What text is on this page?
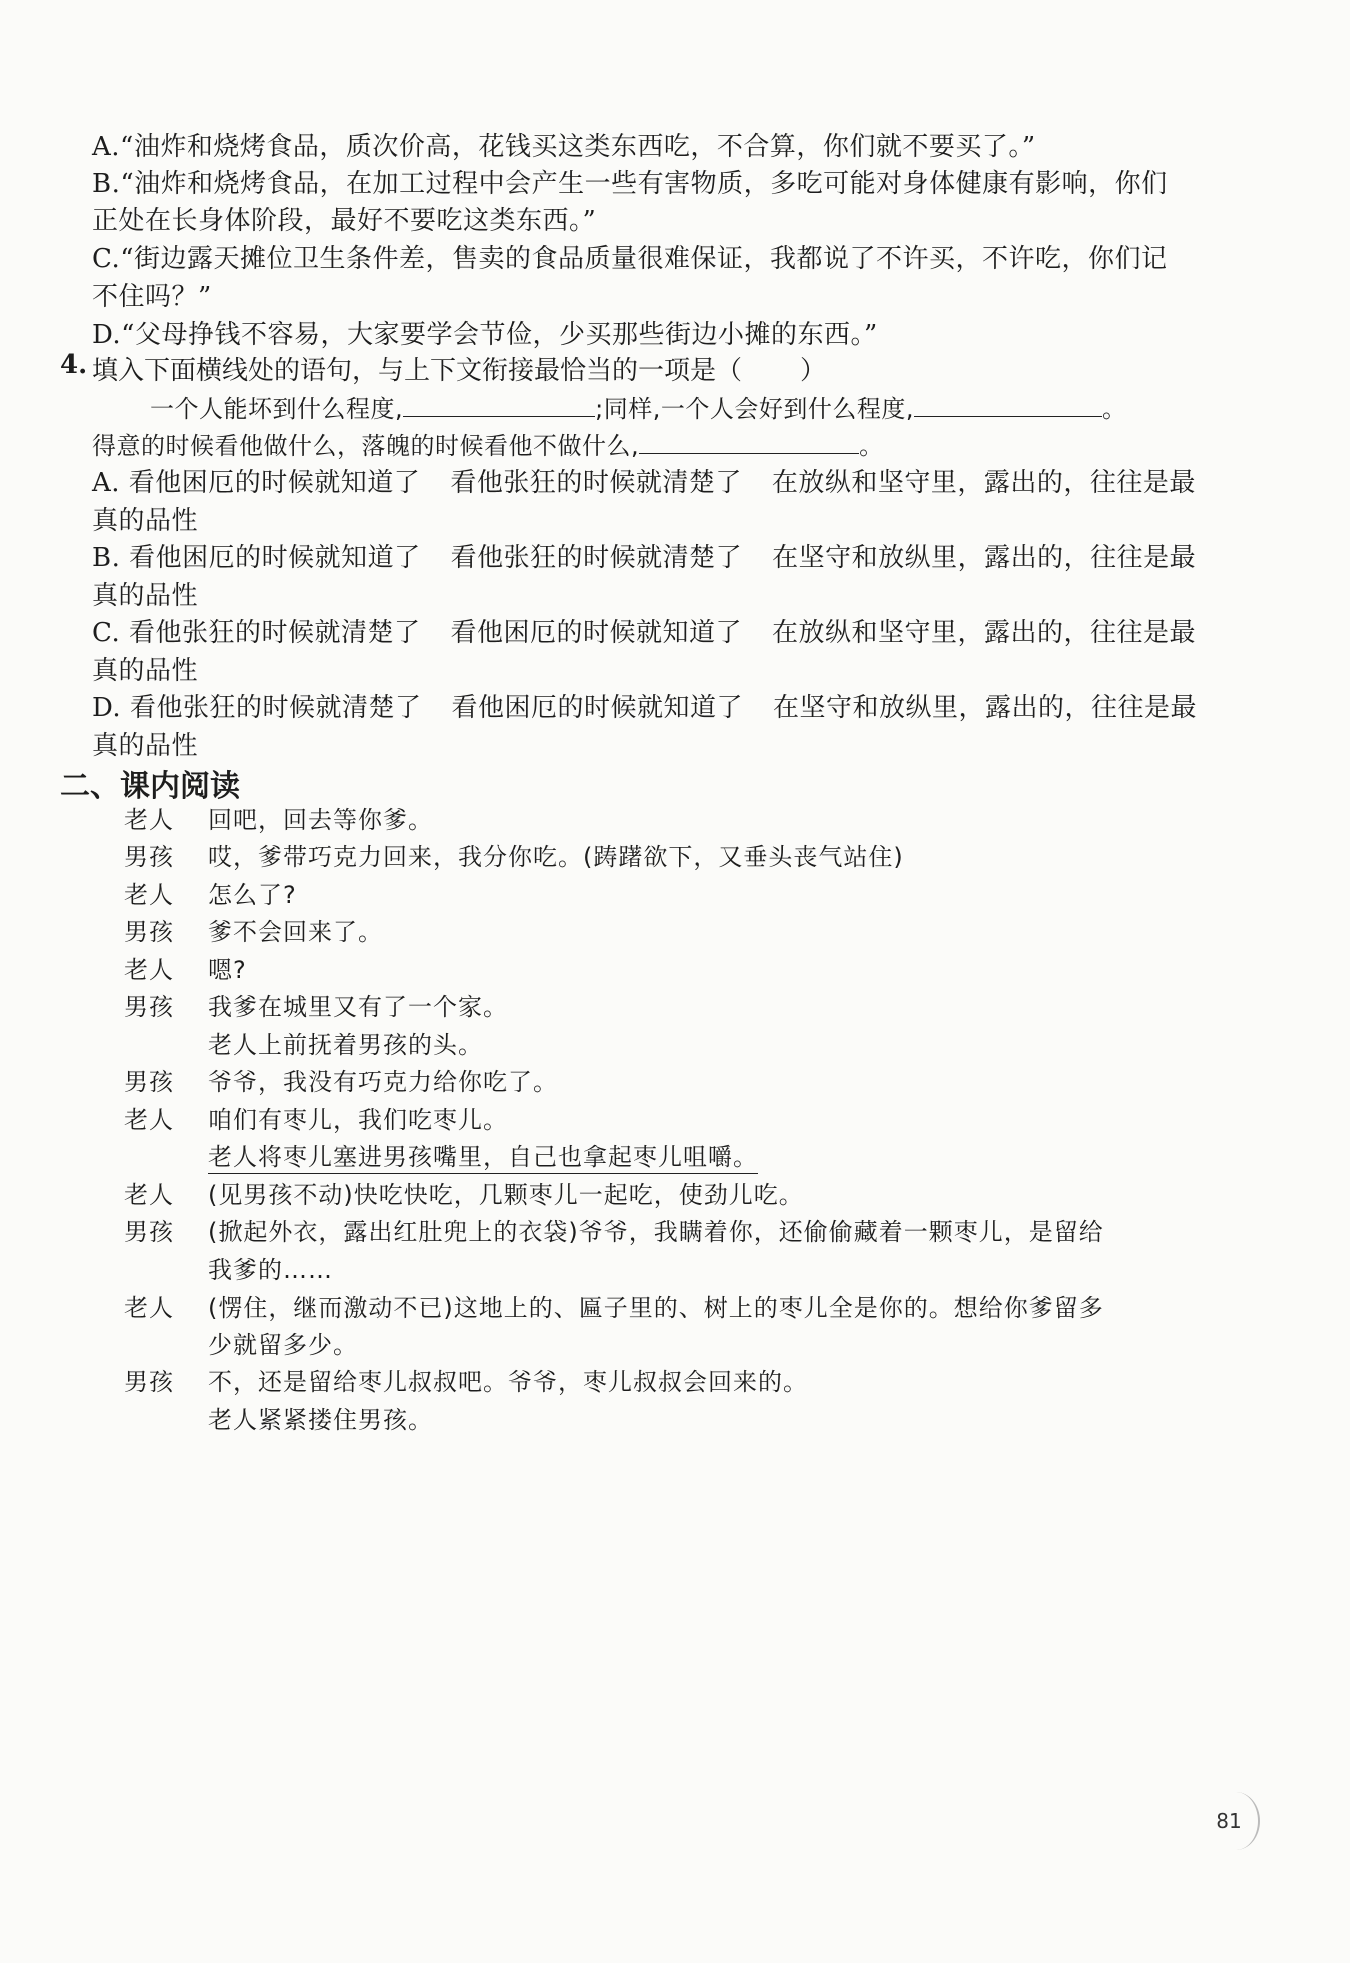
A.“油炸和烧烤食品，质次价高，花钱买这类东西吃，不合算，你们就不要买了。”
B.“油炸和烧烤食品，在加工过程中会产生一些有害物质，多吃可能对身体健康有影响，你们
正处在长身体阶段，最好不要吃这类东西。”
C.“街边露天摊位卫生条件差，售卖的食品质量很难保证，我都说了不许买，不许吃，你们记
不住吗？”
D.“父母挣钱不容易，大家要学会节俭，少买那些街边小摊的东西。”
4. 填入下面横线处的语句，与上下文衔接最恰当的一项是（ ）
一个人能坏到什么程度,	;同样,一个人会好到什么程度,	。
得意的时候看他做什么，落魄的时候看他不做什么,	。
A. 看他困厄的时候就知道了 看他张狂的时候就清楚了 在放纵和坚守里，露出的，往往是最
真的品性
B. 看他困厄的时候就知道了 看他张狂的时候就清楚了 在坚守和放纵里，露出的，往往是最
真的品性
C. 看他张狂的时候就清楚了 看他困厄的时候就知道了 在放纵和坚守里，露出的，往往是最
真的品性
D. 看他张狂的时候就清楚了 看他困厄的时候就知道了 在坚守和放纵里，露出的，往往是最
真的品性
二、课内阅读
老人 回吧，回去等你爹。
男孩 哎，爹带巧克力回来，我分你吃。(踌躇欲下，又垂头丧气站住)
老人 怎么了?
男孩 爹不会回来了。
老人 嗯?
男孩 我爹在城里又有了一个家。
老人上前抚着男孩的头。
男孩 爷爷，我没有巧克力给你吃了。
老人 咱们有枣儿，我们吃枣儿。
老人将枣儿塞进男孩嘴里，自己也拿起枣儿咀嚼。
老人 (见男孩不动)快吃快吃，几颗枣儿一起吃，使劲儿吃。
男孩 (掀起外衣，露出红肚兜上的衣袋)爷爷，我瞒着你，还偷偷藏着一颗枣儿，是留给
我爹的……
老人 (愣住，继而激动不已)这地上的、匾子里的、树上的枣儿全是你的。想给你爹留多
少就留多少。
男孩 不，还是留给枣儿叔叔吧。爷爷，枣儿叔叔会回来的。
老人紧紧搂住男孩。
81
